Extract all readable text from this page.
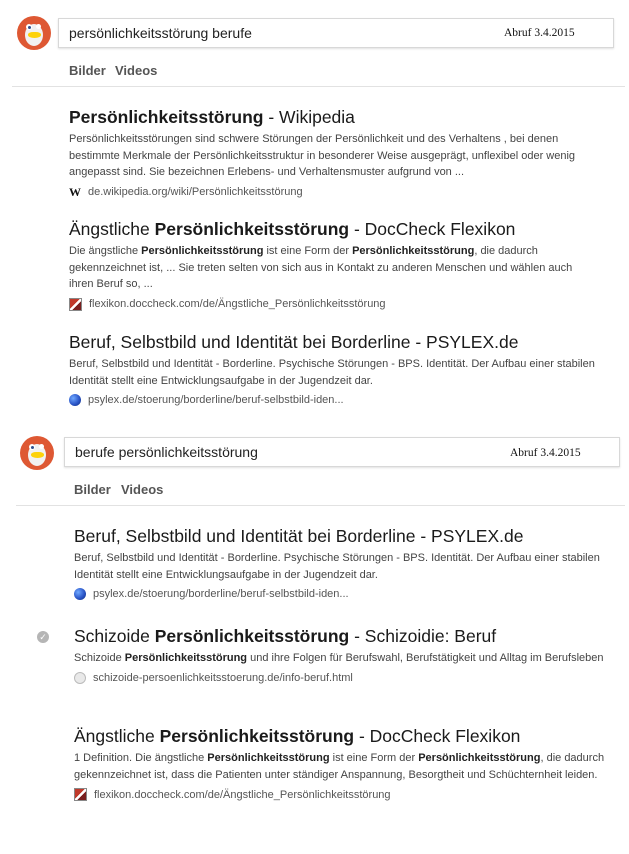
persönlichkeitsstörung berufe	Abruf 3.4.2015
Bilder Videos
Persönlichkeitsstörung - Wikipedia
Persönlichkeitsstörungen sind schwere Störungen der Persönlichkeit und des Verhaltens , bei denen bestimmte Merkmale der Persönlichkeitsstruktur in besonderer Weise ausgeprägt, unflexibel oder wenig angepasst sind. Sie bezeichnen Erlebens- und Verhaltensmuster aufgrund von ...
W de.wikipedia.org/wiki/Persönlichkeitsstörung
Ängstliche Persönlichkeitsstörung - DocCheck Flexikon
Die ängstliche Persönlichkeitsstörung ist eine Form der Persönlichkeitsstörung, die dadurch gekennzeichnet ist, ... Sie treten selten von sich aus in Kontakt zu anderen Menschen und wählen auch ihren Beruf so, ...
flexikon.doccheck.com/de/Ängstliche_Persönlichkeitsstörung
Beruf, Selbstbild und Identität bei Borderline - PSYLEX.de
Beruf, Selbstbild und Identität - Borderline. Psychische Störungen - BPS. Identität. Der Aufbau einer stabilen Identität stellt eine Entwicklungsaufgabe in der Jugendzeit dar.
psylex.de/stoerung/borderline/beruf-selbstbild-iden...
berufe persönlichkeitsstörung	Abruf 3.4.2015
Bilder Videos
Beruf, Selbstbild und Identität bei Borderline - PSYLEX.de
Beruf, Selbstbild und Identität - Borderline. Psychische Störungen - BPS. Identität. Der Aufbau einer stabilen Identität stellt eine Entwicklungsaufgabe in der Jugendzeit dar.
psylex.de/stoerung/borderline/beruf-selbstbild-iden...
✓ Schizoide Persönlichkeitsstörung - Schizoidie: Beruf
Schizoide Persönlichkeitsstörung und ihre Folgen für Berufswahl, Berufstätigkeit und Alltag im Berufsleben
schizoide-persoenlichkeitsstoerung.de/info-beruf.html
Ängstliche Persönlichkeitsstörung - DocCheck Flexikon
1 Definition. Die ängstliche Persönlichkeitsstörung ist eine Form der Persönlichkeitsstörung, die dadurch gekennzeichnet ist, dass die Patienten unter ständiger Anspannung, Besorgtheit und Schüchternheit leiden.
flexikon.doccheck.com/de/Ängstliche_Persönlichkeitsstörung
